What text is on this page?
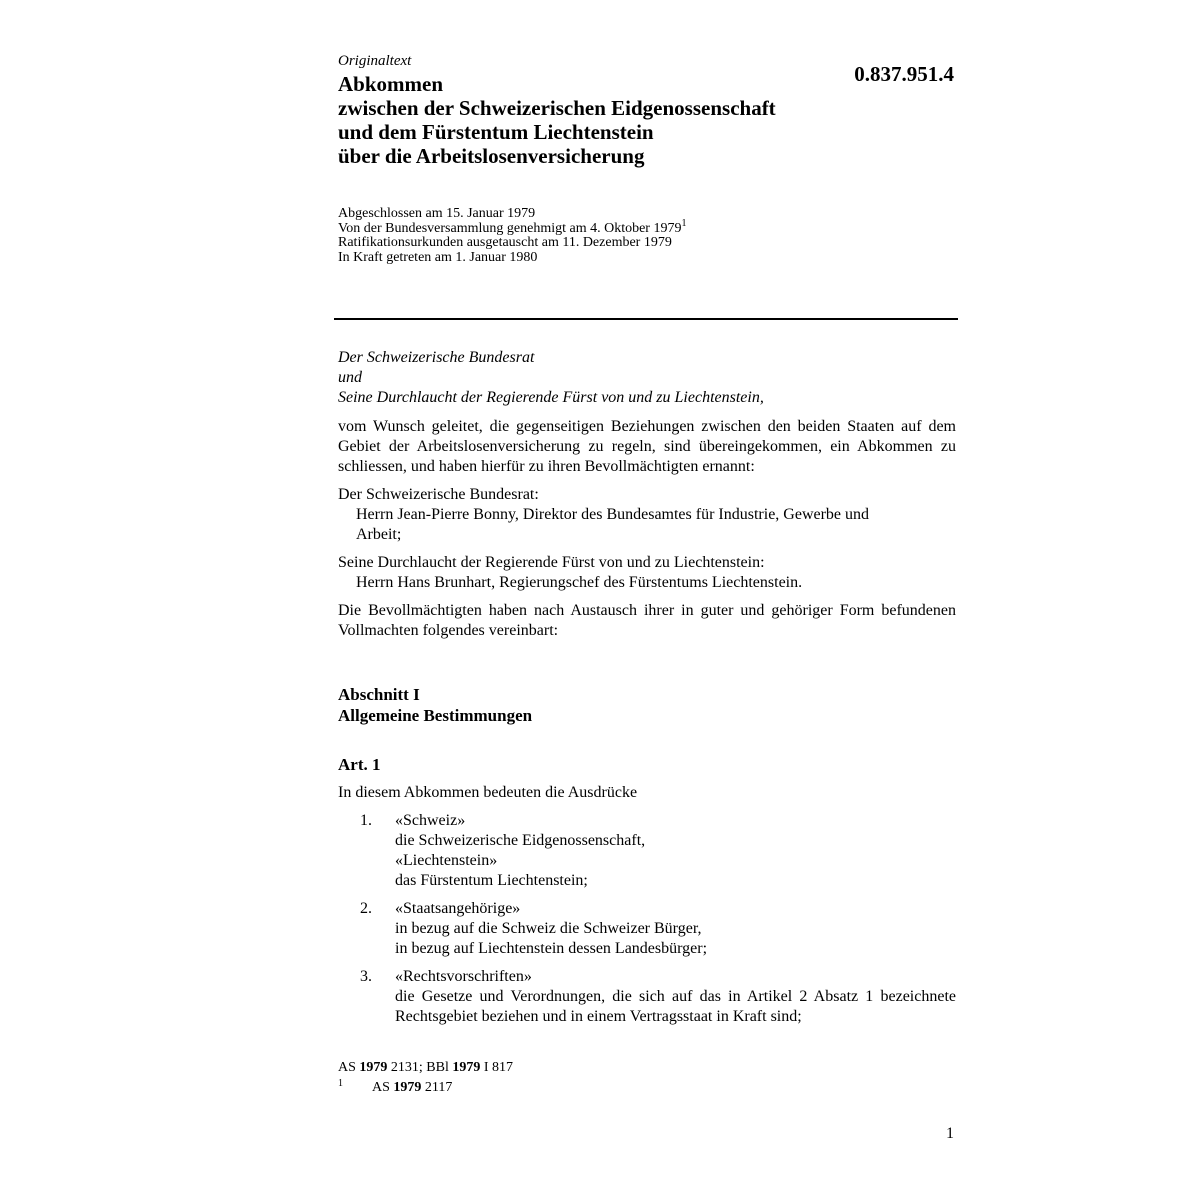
Originaltext
0.837.951.4
Abkommen
zwischen der Schweizerischen Eidgenossenschaft
und dem Fürstentum Liechtenstein
über die Arbeitslosenversicherung
Abgeschlossen am 15. Januar 1979
Von der Bundesversammlung genehmigt am 4. Oktober 1979$^1$
Ratifikationsurkunden ausgetauscht am 11. Dezember 1979
In Kraft getreten am 1. Januar 1980
Der Schweizerische Bundesrat
und
Seine Durchlaucht der Regierende Fürst von und zu Liechtenstein,
vom Wunsch geleitet, die gegenseitigen Beziehungen zwischen den beiden Staaten auf dem Gebiet der Arbeitslosenversicherung zu regeln, sind übereingekommen, ein Abkommen zu schliessen, und haben hierfür zu ihren Bevollmächtigten ernannt:
Der Schweizerische Bundesrat:
Herrn Jean-Pierre Bonny, Direktor des Bundesamtes für Industrie, Gewerbe und Arbeit;
Seine Durchlaucht der Regierende Fürst von und zu Liechtenstein:
Herrn Hans Brunhart, Regierungschef des Fürstentums Liechtenstein.
Die Bevollmächtigten haben nach Austausch ihrer in guter und gehöriger Form befundenen Vollmachten folgendes vereinbart:
Abschnitt I
Allgemeine Bestimmungen
Art. 1
In diesem Abkommen bedeuten die Ausdrücke
1. «Schweiz»
die Schweizerische Eidgenossenschaft,
«Liechtenstein»
das Fürstentum Liechtenstein;
2. «Staatsangehörige»
in bezug auf die Schweiz die Schweizer Bürger,
in bezug auf Liechtenstein dessen Landesbürger;
3. «Rechtsvorschriften»
die Gesetze und Verordnungen, die sich auf das in Artikel 2 Absatz 1 bezeichnete Rechtsgebiet beziehen und in einem Vertragsstaat in Kraft sind;
AS 1979 2131; BBl 1979 I 817
1 AS 1979 2117
1
